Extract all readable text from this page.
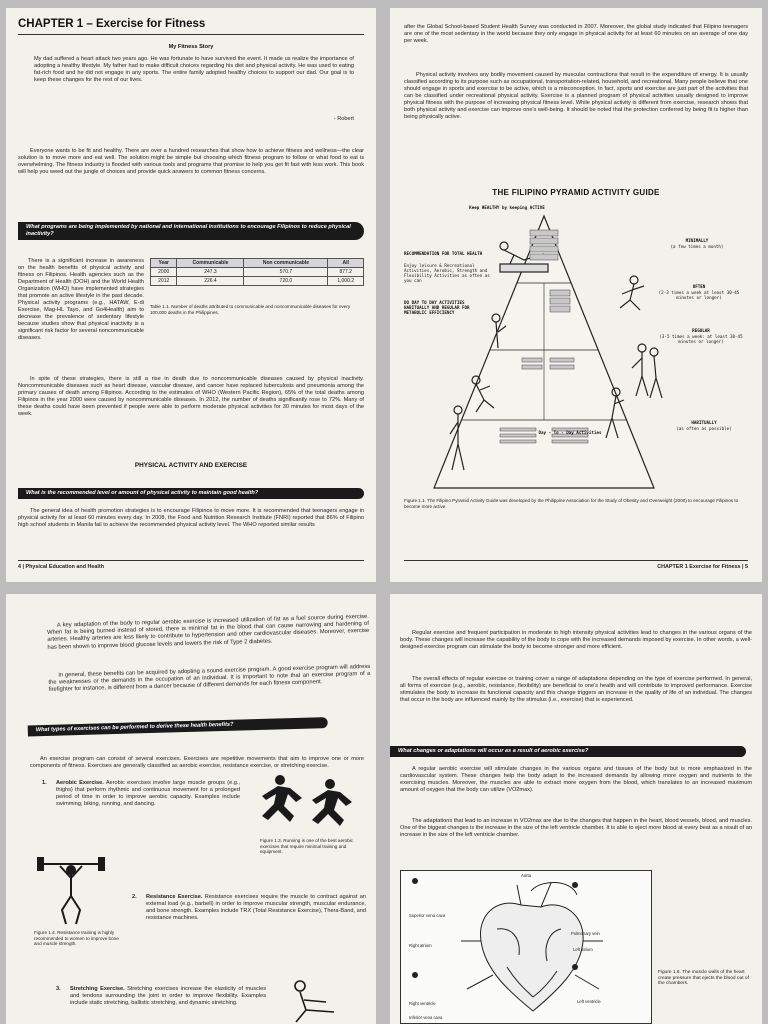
CHAPTER 1 – Exercise for Fitness
My Fitness Story
My dad suffered a heart attack two years ago. He was fortunate to have survived the event. It made us realize the importance of adopting a healthy lifestyle. My father had to make difficult choices regarding his diet and physical activity. He was used to eating fat-rich food and he did not engage in any sports. The entire family adopted healthy choices to support our dad. Our goal is to keep these changes for the rest of our lives.
- Robert
Everyone wants to be fit and healthy. There are over a hundred researches that show how to achieve fitness and wellness—the clear solution is to move more and eat well. The solution might be simple but choosing which fitness program to follow or what food to eat is overwhelming. The fitness industry is flooded with various tools and programs that promise to help you get fit fast with less work. This book will help you weed out the jungle of choices and provide quick answers to common fitness concerns.
What programs are being implemented by national and international institutions to encourage Filipinos to reduce physical inactivity?
There is a significant increase in awareness on the health benefits of physical activity and fitness on Filipinos. Health agencies such as the Department of Health (DOH) and the World Health Organization (WHO) have implemented strategies that promote an active lifestyle in the past decade. Physical activity programs (e.g., HATAW, E-di Exercise, Mag-HL Tayo, and Go4Health) aim to decrease the prevalence of sedentary lifestyle because studies show that physical inactivity is a significant risk factor for several noncommunicable diseases.
Year	Communicable	Non communicable	All
2000	247.3	570.7	877.2
2012	226.4	720.0	1,000.2
Table 1.1. Number of deaths attributed to communicable and noncommunicable diseases for every 100,000 deaths in the Philippines.
In spite of these strategies, there is still a rise in death due to noncommunicable diseases caused by physical inactivity. Noncommunicable diseases such as heart disease, vascular disease, and cancer have replaced tuberculosis and pneumonia among the primary causes of death among Filipinos. According to the estimates of WHO (Western Pacific Region), 65% of the total deaths among Filipinos in the year 2000 were caused by noncommunicable diseases. In 2012, the number of deaths significantly rose to 72%. Many of these deaths could have been prevented if people were able to perform moderate physical activities for 30 minutes for most days of the week.
PHYSICAL ACTIVITY AND EXERCISE
What is the recommended level or amount of physical activity to maintain good health?
The general idea of health promotion strategies is to encourage Filipinos to move more. It is recommended that teenagers engage in physical activity for at least 60 minutes every day. In 2008, the Food and Nutrition Research Institute (FNRI) reported that 86% of Filipino high school students in Manila fail to achieve the recommended physical activity level. The WHO reported similar results
4 | Physical Education and Health
after the Global School-based Student Health Survey was conducted in 2007. Moreover, the global study indicated that Filipino teenagers are one of the most sedentary in the world because they only engage in physical activity for at least 60 minutes on an average of one day per week.
Physical activity involves any bodily movement caused by muscular contractions that result in the expenditure of energy. It is usually classified according to its purpose such as occupational, transportation-related, household, and recreational. Many people believe that one should engage in sports and exercise to be active, which is a misconception. In fact, sports and exercise are just part of the activities that can be classified under recreational physical activity. Exercise is a planned program of physical activities usually designed to improve physical fitness with the purpose of increasing physical fitness level. While physical activity is different from exercise, research shows that both physical activity and exercise can improve one's well-being. It should be noted that the protection conferred by being fit is higher than being physically active.
THE FILIPINO PYRAMID ACTIVITY GUIDE
Keep HEALTHY by keeping ACTIVE
RECOMMENDATION FOR TOTAL HEALTH
Enjoy leisure & Recreational Activities, Aerobic, Strength and Flexibility Activities as often as you can
DO DAY TO DAY ACTIVITIES HABITUALLY AND REGULAR FOR METABOLIC EFFICIENCY
MINIMALLY
(a few times a month)
OFTEN
(2-3 times a week at least 30-45 minutes or longer)
REGULAR
(3-5 times a week: at least 30-45 minutes or longer)
HABITUALLY
(as often as possible)
Day - To - Day Activities
Figure 1.1. The Filipino Pyramid Activity Guide was developed by the Philippine Association for the Study of Obesity and Overweight (2000) to encourage Filipinos to become more active.
CHAPTER 1 Exercise for Fitness | 5
A key adaptation of the body to regular aerobic exercise is increased utilization of fat as a fuel source during exercise. When fat is being burned instead of stored, there is minimal fat in the blood that can cause narrowing and hardening of arteries. Healthy arteries are less likely to contribute to hypertension and other cardiovascular diseases. Moreover, exercise has been shown to improve blood glucose levels and lowers the risk of Type 2 diabetes.
In general, these benefits can be acquired by adopting a sound exercise program. A good exercise program will address the weaknesses or the demands in the occupation of an individual. It is important to note that an exercise program of a firefighter for instance, is different from a dancer because of different demands for each fitness component.
What types of exercises can be performed to derive these health benefits?
An exercise program can consist of several exercises. Exercises are repetitive movements that aim to improve one or more components of fitness. Exercises are generally classified as aerobic exercise, resistance exercise, or stretching exercise.
Aerobic Exercise. Aerobic exercises involve large muscle groups (e.g., thighs) that perform rhythmic and continuous movement for a prolonged period of time in order to improve aerobic capacity. Examples include swimming, biking, running, and dancing.
1.
Figure 1.3. Running is one of the best aerobic exercises that require minimal training and equipment.
Figure 1.4. Resistance training is highly recommended to women to improve bone and muscle strength.
2.	Resistance Exercise. Resistance exercises require the muscle to contract against an external load (e.g., barbell) in order to improve muscular strength, muscular endurance, and bone strength. Examples include TRX (Total Resistance Exercise), Thera-Band, and resistance machines.
3.	Stretching Exercise. Stretching exercises increase the elasticity of muscles and tendons surrounding the joint in order to improve flexibility. Examples include static stretching, ballistic stretching, and dynamic stretching.
Regular exercise and frequent participation in moderate to high intensity physical activities lead to changes in the various organs of the body. These changes will increase the capability of the body to cope with the increased demands imposed by exercise. In other words, a well-designed exercise program can stimulate the body to become stronger and more efficient.
The overall effects of regular exercise or training cover a range of adaptations depending on the type of exercise performed. In general, all forms of exercise (e.g., aerobic, resistance, flexibility) are beneficial to one's health and will contribute to improved performance. Exercise stimulates the body to increase its functional capacity and this change triggers an increase in the quality of life of an individual. The changes that occur in the body are influenced mainly by the stimulus (i.e., exercise) that is experienced.
What changes or adaptations will occur as a result of aerobic exercise?
A regular aerobic exercise will stimulate changes in the various organs and tissues of the body but is more emphasized in the cardiovascular system. These changes help the body adapt to the increased demands by allowing more oxygen and nutrients to the exercising muscles. Moreover, the muscles are able to extract more oxygen from the blood, which translates to an increased maximum amount of oxygen that the body can utilize (VO2max).
The adaptations that lead to an increase in VO2max are due to the changes that happen in the heart, blood vessels, blood, and muscles. One of the biggest changes is the increase in the size of the left ventricle chamber. It is able to eject more blood at every beat as a result of an increase in the size of the left ventricle chamber.
Pulmonary vein
Left atrium
Left ventricle
Right atrium
Right ventricle
Superior vena cava
Inferior vena cava
Aorta
Figure 1.6. The muscle walls of the heart create pressure that ejects the blood out of the chambers.
